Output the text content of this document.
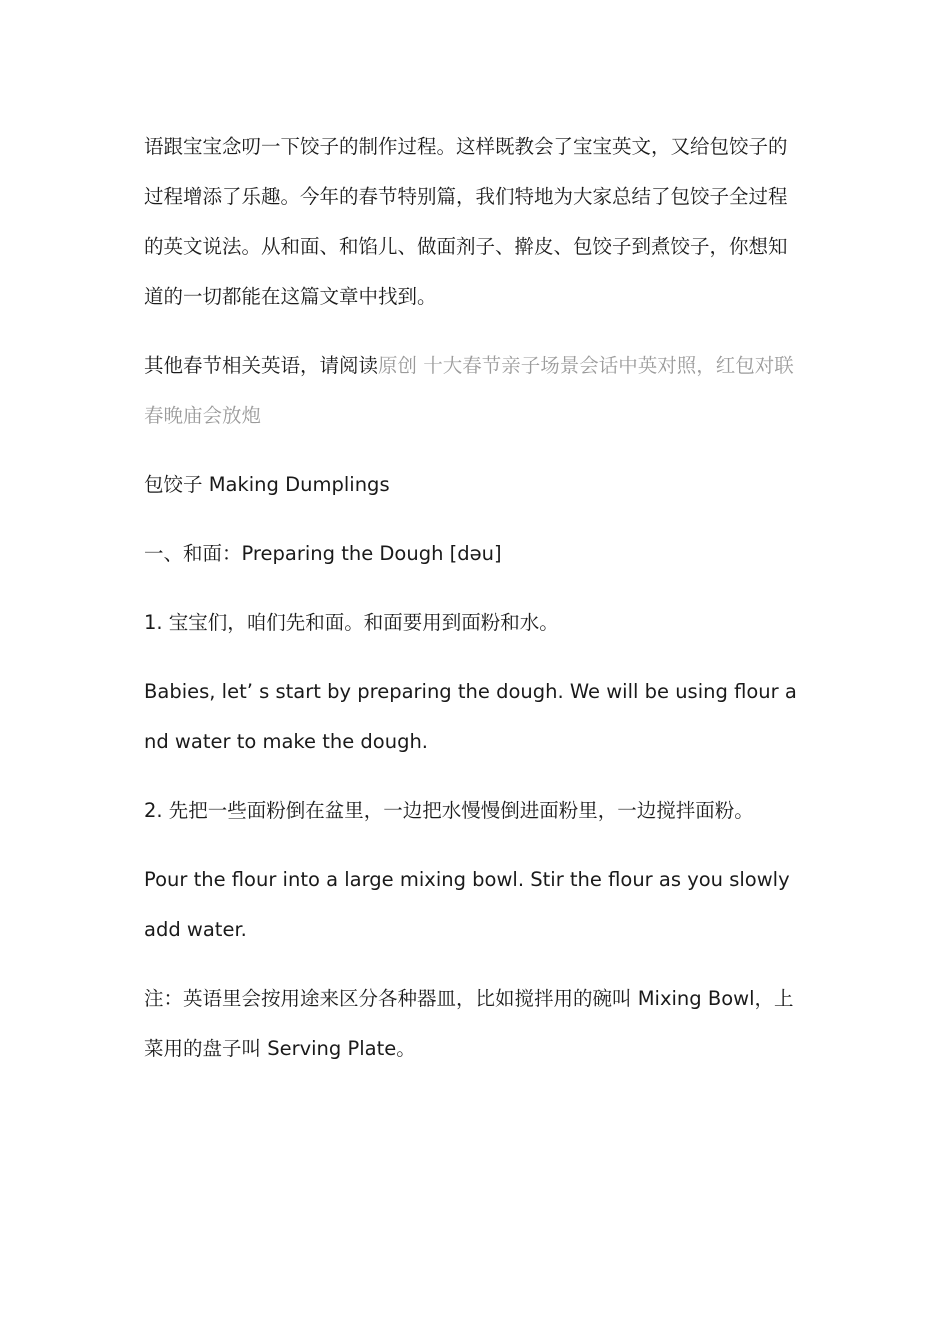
语跟宝宝念叨一下饺子的制作过程。这样既教会了宝宝英文，又给包饺子的过程增添了乐趣。今年的春节特别篇，我们特地为大家总结了包饺子全过程的英文说法。从和面、和馅儿、做面剂子、擀皮、包饺子到煮饺子，你想知道的一切都能在这篇文章中找到。

其他春节相关英语，请阅读原创 十大春节亲子场景会话中英对照，红包对联春晚庙会放炮

包饺子 Making Dumplings

一、和面：Preparing the Dough [dəu]

1. 宝宝们，咱们先和面。和面要用到面粉和水。

Babies, let’ s start by preparing the dough. We will be using flour and water to make the dough.

2. 先把一些面粉倒在盆里，一边把水慢慢倒进面粉里，一边搅拌面粉。

Pour the flour into a large mixing bowl. Stir the flour as you slowly add water.

注：英语里会按用途来区分各种器皿，比如搅拌用的碗叫 Mixing Bowl，上菜用的盘子叫 Serving Plate。
